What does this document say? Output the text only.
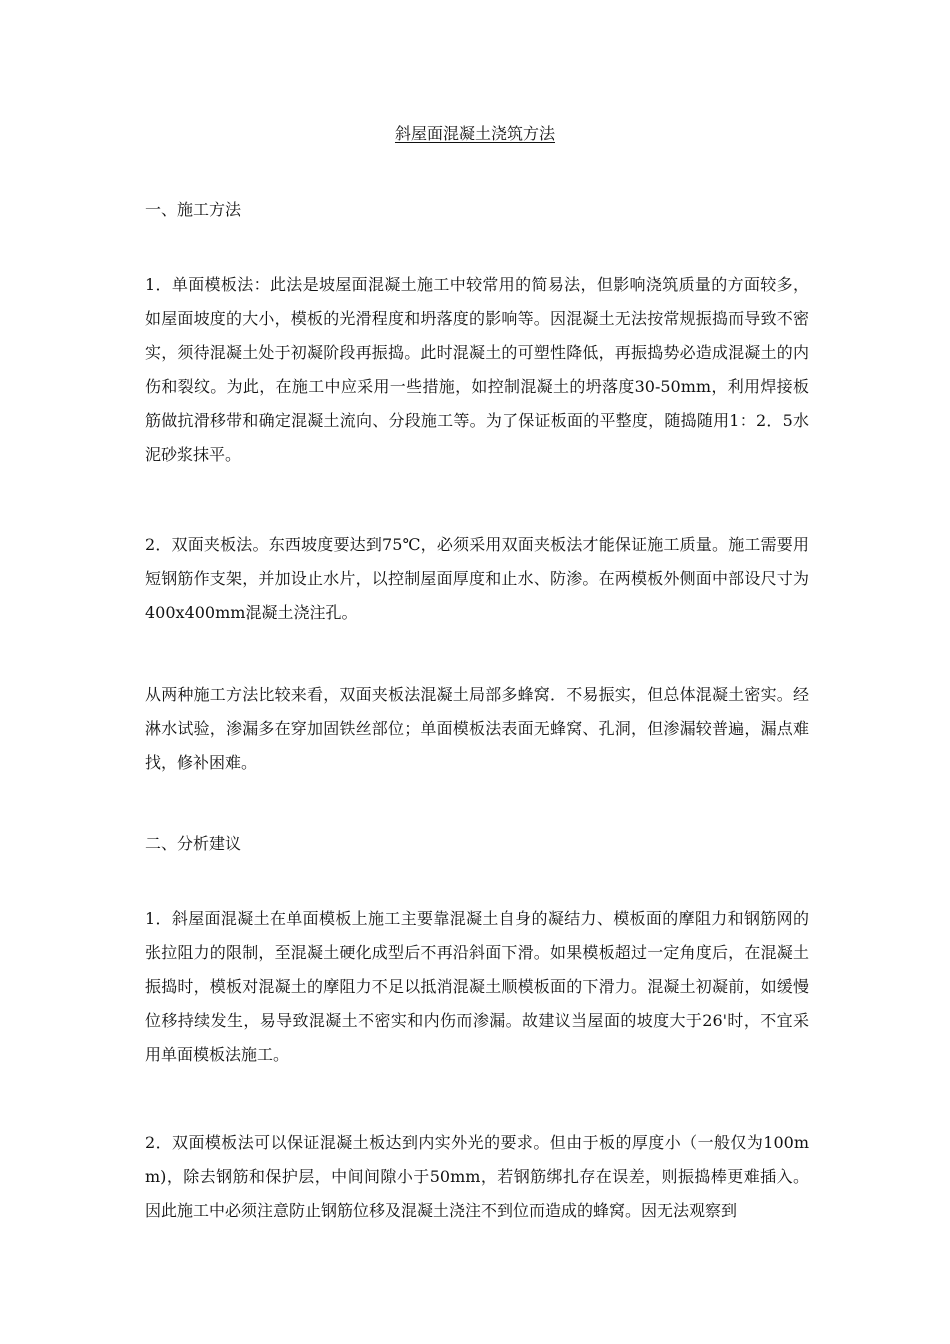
斜屋面混凝土浇筑方法
一、施工方法
1．单面模板法：此法是坡屋面混凝土施工中较常用的简易法，但影响浇筑质量的方面较多，如屋面坡度的大小，模板的光滑程度和坍落度的影响等。因混凝土无法按常规振捣而导致不密实，须待混凝土处于初凝阶段再振捣。此时混凝土的可塑性降低，再振捣势必造成混凝土的内伤和裂纹。为此，在施工中应采用一些措施，如控制混凝土的坍落度30-50mm，利用焊接板筋做抗滑移带和确定混凝土流向、分段施工等。为了保证板面的平整度，随捣随用1：2．5水泥砂浆抹平。
2．双面夹板法。东西坡度要达到75℃，必须采用双面夹板法才能保证施工质量。施工需要用短钢筋作支架，并加设止水片，以控制屋面厚度和止水、防渗。在两模板外侧面中部设尺寸为400x400mm混凝土浇注孔。
从两种施工方法比较来看，双面夹板法混凝土局部多蜂窝．不易振实，但总体混凝土密实。经淋水试验，渗漏多在穿加固铁丝部位；单面模板法表面无蜂窝、孔洞，但渗漏较普遍，漏点难找，修补困难。
二、分析建议
1．斜屋面混凝土在单面模板上施工主要靠混凝土自身的凝结力、模板面的摩阻力和钢筋网的张拉阻力的限制，至混凝土硬化成型后不再沿斜面下滑。如果模板超过一定角度后，在混凝土振捣时，模板对混凝土的摩阻力不足以抵消混凝土顺模板面的下滑力。混凝土初凝前，如缓慢位移持续发生，易导致混凝土不密实和内伤而渗漏。故建议当屋面的坡度大于26'时，不宜采用单面模板法施工。
2．双面模板法可以保证混凝土板达到内实外光的要求。但由于板的厚度小（一般仅为100mm)，除去钢筋和保护层，中间间隙小于50mm，若钢筋绑扎存在误差，则振捣棒更难插入。因此施工中必须注意防止钢筋位移及混凝土浇注不到位而造成的蜂窝。因无法观察到
